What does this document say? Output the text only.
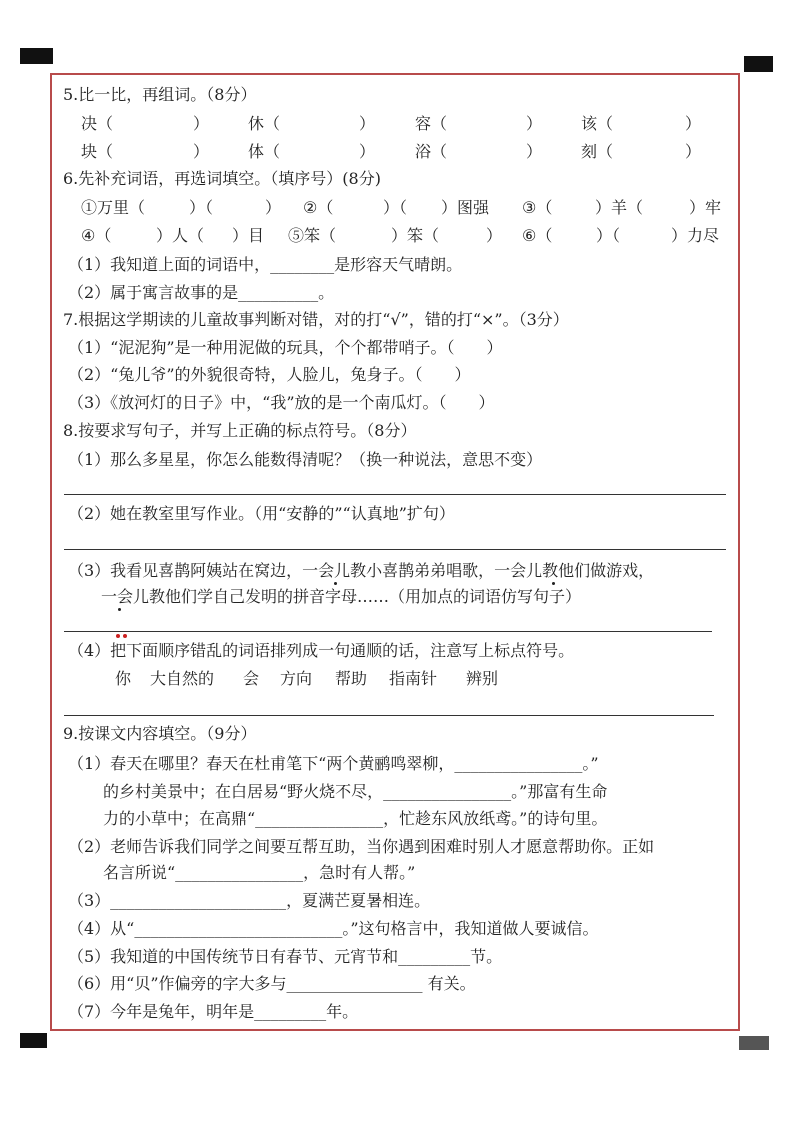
5.比一比，再组词。（8分）
决（	） 休（	） 容（	） 该（	）
块（	） 体（	） 浴（	） 刻（	）
6.先补充词语，再选词填空。（填序号）(8分)
①万里（	）（	） ②（	）（ ）图强 ③（	）羊（	）牢
④（	）人（ ）目 ⑤笨（	）笨（	） ⑥（	）（	）力尽
（1）我知道上面的词语中，________是形容天气晴朗。
（2）属于寓言故事的是__________。
7.根据这学期读的儿童故事判断对错，对的打“√”，错的打“×”。（3分）
（1）“泥泥狗”是一种用泥做的玩具，个个都带哨子。（　　）
（2）“兔儿爷”的外貌很奇特，人脸儿，兔身子。（　　）
（3）《放河灯的日子》中，“我”放的是一个南瓜灯。（　　）
8.按要求写句子，并写上正确的标点符号。（8分）
（1）那么多星星，你怎么能数得清呢？（换一种说法，意思不变）
（2）她在教室里写作业。（用“安静的”“认真地”扩句）
（3）我看见喜鹊阿姨站在窝边，一会儿教小喜鹊弟弟唱歌，一会儿教他们做游戏，
一会儿教他们学自己发明的拼音字母……（用加点的词语仿写句子）
（4）把下面顺序错乱的词语排列成一句通顺的话，注意写上标点符号。
你 大自然的 会 方向 帮助 指南针 辨别
9.按课文内容填空。（9分）
（1）春天在哪里？春天在杜甫笔下“两个黄鹂鸣翠柳，________________。”
的乡村美景中；在白居易“野火烧不尽，________________。”那富有生命
力的小草中；在高鼎“________________，忙趁东风放纸鸢。”的诗句里。
（2）老师告诉我们同学之间要互帮互助，当你遇到困难时别人才愿意帮助你。正如
名言所说“________________，急时有人帮。”
（3）______________________，夏满芒夏暑相连。
（4）从“__________________________。”这句格言中，我知道做人要诚信。
（5）我知道的中国传统节日有春节、元宵节和_________节。
（6）用“贝”作偏旁的字大多与_________________ 有关。
（7）今年是兔年，明年是_________年。
